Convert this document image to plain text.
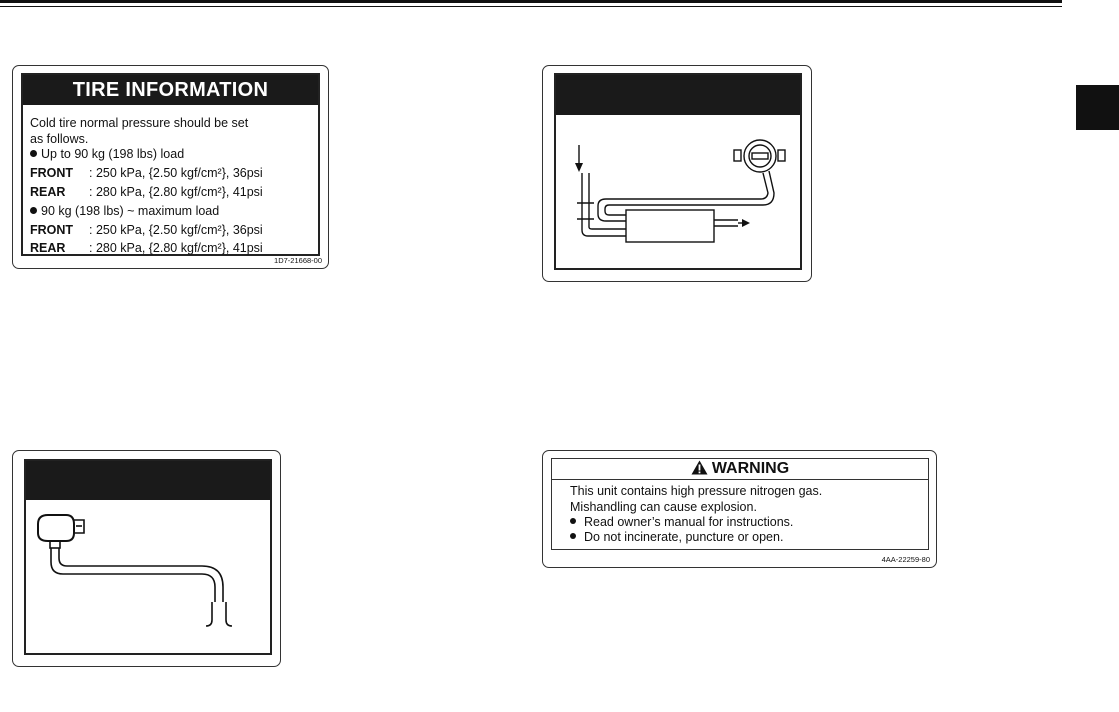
TIRE INFORMATION
Cold tire normal pressure should be set
as follows.
Up to 90 kg (198 lbs) load
FRONT : 250 kPa, {2.50 kgf/cm²}, 36psi
REAR : 280 kPa, {2.80 kgf/cm²}, 41psi
90 kg (198 lbs) ~ maximum load
FRONT : 250 kPa, {2.50 kgf/cm²}, 36psi
REAR : 280 kPa, {2.80 kgf/cm²}, 41psi
1D7-21668-00
WARNING
This unit contains high pressure nitrogen gas.
Mishandling can cause explosion.
Read owner’s manual for instructions.
Do not incinerate, puncture or open.
4AA-22259-80
